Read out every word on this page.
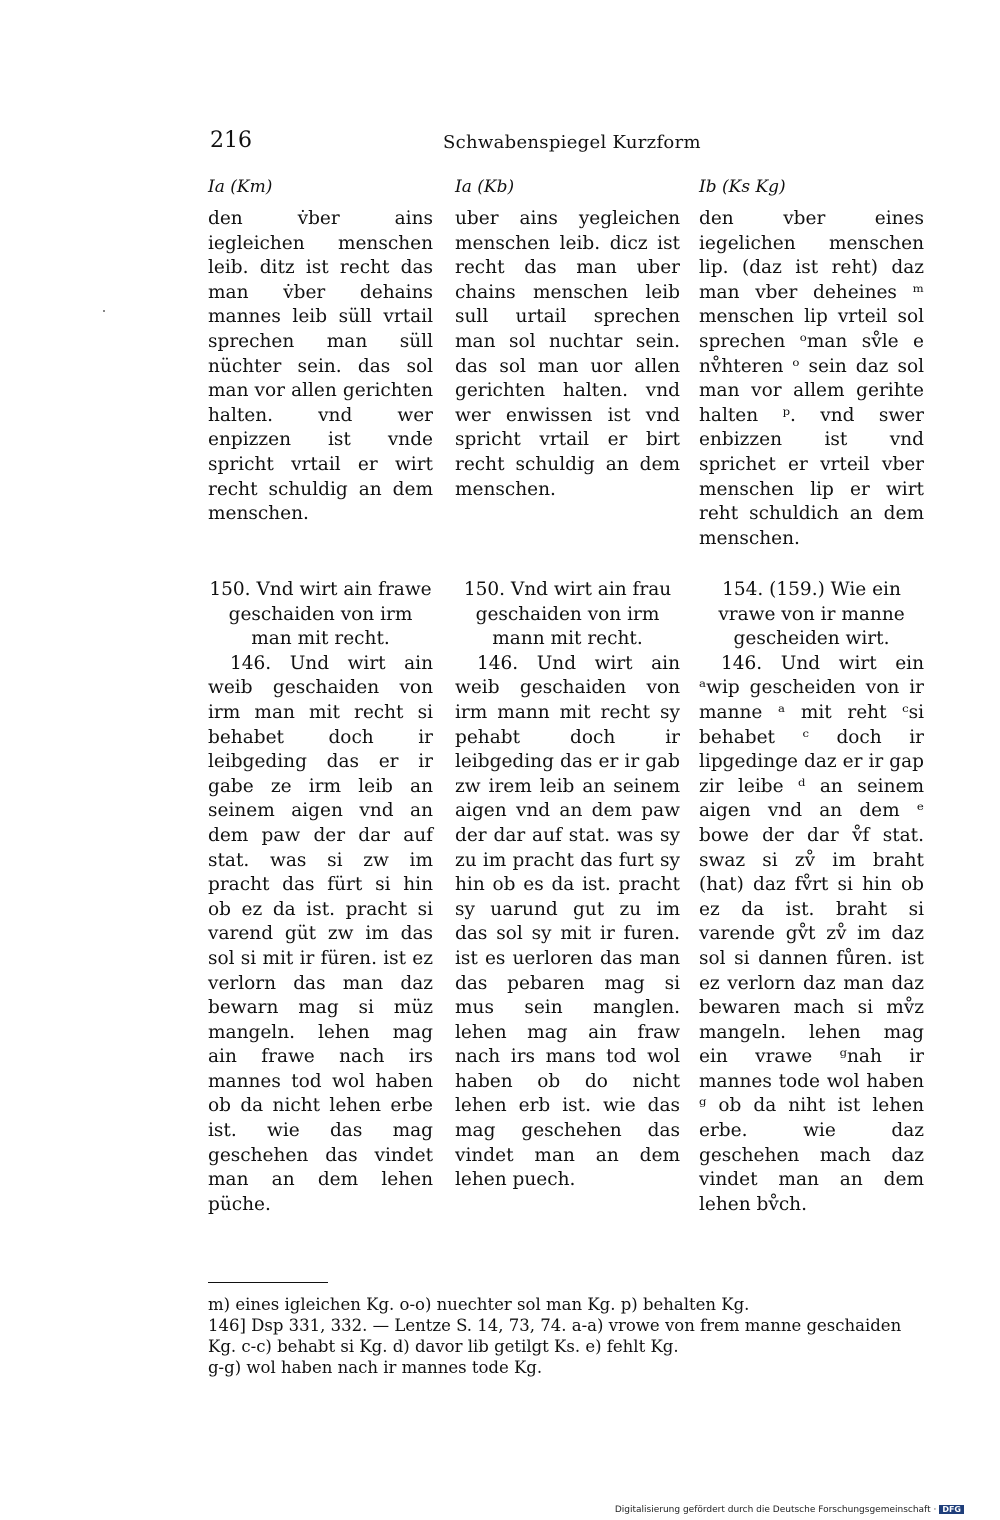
216	Schwabenspiegel Kurzform
Ia (Km)	Ia (Kb)	Ib (Ks Kg)

den v̇ber ains iegleichen menschen leib. ditz ist recht das man v̇ber dehains mannes leib süll vrtail sprechen man süll nüchter sein. das sol man vor allen gerichten halten. vnd wer enpizzen ist vnde spricht vrtail er wirt recht schuldig an dem menschen.

uber ains yegleichen menschen leib. dicz ist recht das man uber chains menschen leib sull urtail sprechen man sol nuchtar sein. das sol man uor allen gerichten halten. vnd wer enwissen ist vnd spricht vrtail er birt recht schuldig an dem menschen.

den vber eines iegelichen menschen lip. (daz ist reht) daz man vber deheines ᵐ menschen lip vrteil sol sprechen ᵒman sv̊le e nv̊hteren ᵒ sein daz sol man vor allem gerihte halten ᵖ. vnd swer enbizzen ist vnd sprichet er vrteil vber menschen lip er wirt reht schuldich an dem menschen.

150. Vnd wirt ain frawe geschaiden von irm man mit recht.

146. Und wirt ain weib geschaiden von irm man mit recht si behabet doch ir leibgeding das er ir gabe ze irm leib an seinem aigen vnd an dem paw der dar auf stat. was si zw im pracht das fürt si hin ob ez da ist. pracht si varend güt zw im das sol si mit ir füren. ist ez verlorn das man daz bewarn mag si müz mangeln. lehen mag ain frawe nach irs mannes tod wol haben ob da nicht lehen erbe ist. wie das mag geschehen das vindet man an dem lehen püche.

150. Vnd wirt ain frau geschaiden von irm mann mit recht.

146. Und wirt ain weib geschaiden von irm mann mit recht sy pehabt doch ir leibgeding das er ir gab zw irem leib an seinem aigen vnd an dem paw der dar auf stat. was sy zu im pracht das furt sy hin ob es da ist. pracht sy uarund gut zu im das sol sy mit ir furen. ist es uerloren das man das pebaren mag si mus sein manglen. lehen mag ain fraw nach irs mans tod wol haben ob do nicht lehen erb ist. wie das mag geschehen das vindet man an dem lehen puech.

154. (159.) Wie ein vrawe von ir manne gescheiden wirt.

146. Und wirt ein ᵃwip gescheiden von ir manne ᵃ mit reht ᶜsi behabet ᶜ doch ir lipgedinge daz er ir gap zir leibe ᵈ an seinem aigen vnd an dem ᵉ bowe der dar v̊f stat. swaz si zv̊ im braht (hat) daz fv̊rt si hin ob ez da ist. braht si varende gv̊t zv̊ im daz sol si dannen fůren. ist ez verlorn daz man daz bewaren mach si mv̊z mangeln. lehen mag ein vrawe ᵍnah ir mannes tode wol haben ᵍ ob da niht ist lehen erbe. wie daz geschehen mach daz vindet man an dem lehen bv̊ch.

m) eines igleichen Kg. o-o) nuechter sol man Kg. p) behalten Kg.

146] Dsp 331, 332. — Lentze S. 14, 73, 74. a-a) vrowe von frem manne geschaiden Kg. c-c) behabt si Kg. d) davor lib getilgt Ks. e) fehlt Kg.

g-g) wol haben nach ir mannes tode Kg.

Digitalisierung gefördert durch die Deutsche Forschungsgemeinschaft · DFG
